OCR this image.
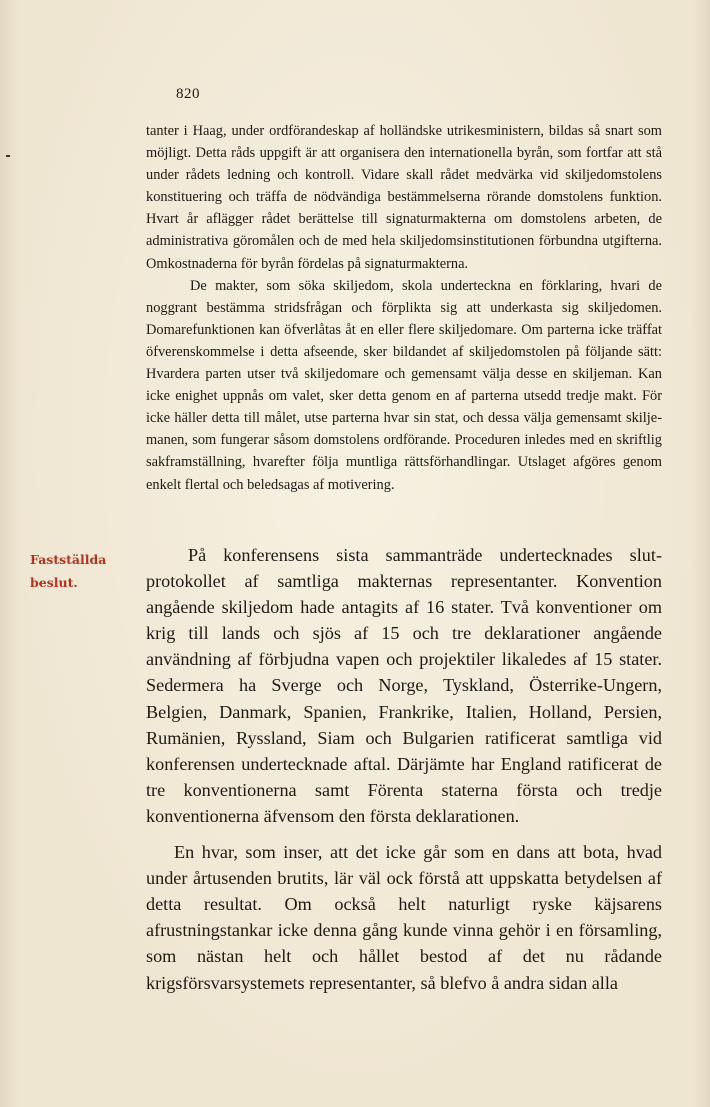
820

tanter i Haag, under ordförandeskap af holländske utrikesministern, bildas så snart som möjligt. Detta råds uppgift är att organisera den internationella byrån, som fortfar att stå under rådets ledning och kontroll. Vidare skall rådet medvärka vid skiljedomstolens konstituering och träffa de nödvändiga bestämmelserna rörande domstolens funktion. Hvart år aflägger rådet berättelse till signaturmakterna om domstolens arbeten, de administrativa göromålen och de med hela skiljedomsinstitutionen förbundna utgifterna. Omkostnaderna för byrån fördelas på signaturmakterna.

De makter, som söka skiljedom, skola underteckna en förklaring, hvari de noggrant bestämma stridsfrågan och förplikta sig att underkasta sig skiljedomen. Domarefunktionen kan öfverlåtas åt en eller flere skiljedomare. Om parterna icke träffat öfverenskommelse i detta afseende, sker bildandet af skiljedomstolen på följande sätt: Hvardera parten utser två skiljedomare och gemensamt välja desse en skiljeman. Kan icke enighet uppnås om valet, sker detta genom en af parterna utsedd tredje makt. För icke häller detta till målet, utse parterna hvar sin stat, och dessa välja gemensamt skiljemanen, som fungerar såsom domstolens ordförande. Proceduren inledes med en skriftlig sakframställning, hvarefter följa muntliga rättsförhandlingar. Utslaget afgöres genom enkelt flertal och beledsagas af motivering.

Fastställda
beslut.

På konferensens sista sammanträde undertecknades slutprotokollet af samtliga makternas representanter. Konvention angående skiljedom hade antagits af 16 stater. Två konventioner om krig till lands och sjös af 15 och tre deklarationer angående användning af förbjudna vapen och projektiler likaledes af 15 stater. Sedermera ha Sverge och Norge, Tyskland, Österrike-Ungern, Belgien, Danmark, Spanien, Frankrike, Italien, Holland, Persien, Rumänien, Ryssland, Siam och Bulgarien ratificerat samtliga vid konferensen undertecknade aftal. Därjämte har England ratificerat de tre konventionerna samt Förenta staterna första och tredje konventionerna äfvensom den första deklarationen.

En hvar, som inser, att det icke går som en dans att bota, hvad under årtusenden brutits, lär väl ock förstå att uppskatta betydelsen af detta resultat. Om också helt naturligt ryske käjsarens afrustningstankar icke denna gång kunde vinna gehör i en församling, som nästan helt och hållet bestod af det nu rådande krigsförsvarsystemets representanter, så blefvo å andra sidan alla
